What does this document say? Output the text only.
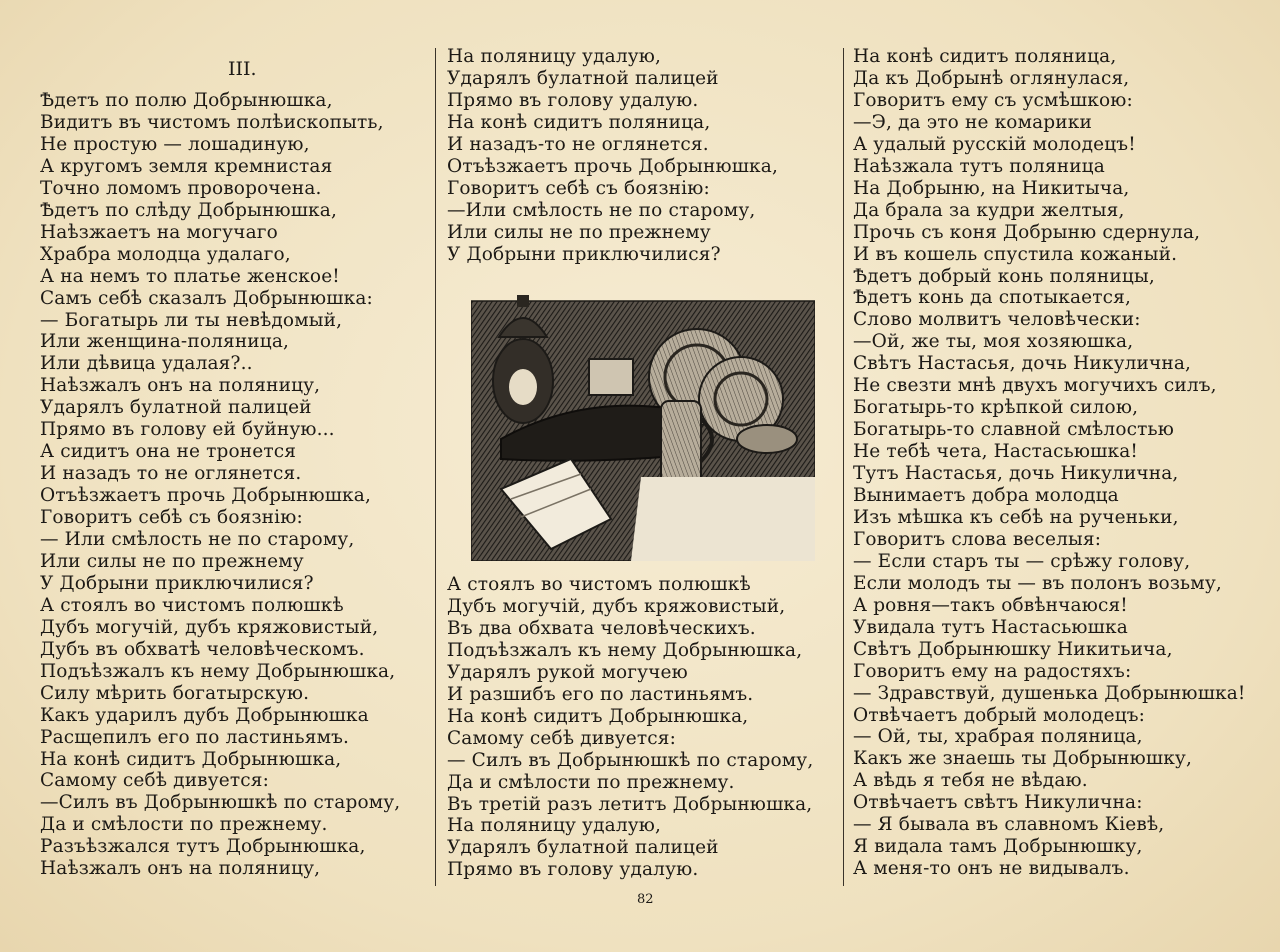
III.
Ѣдетъ по полю Добрынюшка,
Видитъ въ чистомъ полѣископыть,
Не простую — лошадиную,
А кругомъ земля кремнистая
Точно ломомъ проворочена.
Ѣдетъ по слѣду Добрынюшка,
Наѣзжаетъ на могучаго
Храбра молодца удалаго,
А на немъ то платье женское!
Самъ себѣ сказалъ Добрынюшка:
— Богатырь ли ты невѣдомый,
Или женщина-поляница,
Или дѣвица удалая?..
Наѣзжалъ онъ на поляницу,
Ударялъ булатной палицей
Прямо въ голову ей буйную...
А сидитъ она не тронется
И назадъ то не оглянется.
Отъѣзжаетъ прочь Добрынюшка,
Говоритъ себѣ съ боязнію:
— Или смѣлость не по старому,
Или силы не по прежнему
У Добрыни приключилися?
А стоялъ во чистомъ полюшкѣ
Дубъ могучій, дубъ кряжовистый,
Дубъ въ обхватѣ человѣческомъ.
Подъѣзжалъ къ нему Добрынюшка,
Силу мѣрить богатырскую.
Какъ ударилъ дубъ Добрынюшка
Расщепилъ его по ластиньямъ.
На конѣ сидитъ Добрынюшка,
Самому себѣ дивуется:
—Силъ въ Добрынюшкѣ по старому,
Да и смѣлости по прежнему.
Разъѣзжался тутъ Добрынюшка,
Наѣзжалъ онъ на поляницу,
На поляницу удалую,
Ударялъ булатной палицей
Прямо въ голову удалую.
На конѣ сидитъ поляница,
И назадъ-то не оглянется.
Отъѣзжаетъ прочь Добрынюшка,
Говоритъ себѣ съ боязнію:
—Или смѣлость не по старому,
Или силы не по прежнему
У Добрыни приключилися?
А стоялъ во чистомъ полюшкѣ
Дубъ могучій, дубъ кряжовистый,
Въ два обхвата человѣческихъ.
Подъѣзжалъ къ нему Добрынюшка,
Ударялъ рукой могучею
И разшибъ его по ластиньямъ.
На конѣ сидитъ Добрынюшка,
Самому себѣ дивуется:
— Силъ въ Добрынюшкѣ по старому,
Да и смѣлости по прежнему.
Въ третій разъ летитъ Добрынюшка,
На поляницу удалую,
Ударялъ булатной палицей
Прямо въ голову удалую.
На конѣ сидитъ поляница,
Да къ Добрынѣ оглянулася,
Говоритъ ему съ усмѣшкою:
—Э, да это не комарики
А удалый русскій молодецъ!
Наѣзжала тутъ поляница
На Добрыню, на Никитыча,
Да брала за кудри желтыя,
Прочь съ коня Добрыню сдернула,
И въ кошель спустила кожаный.
Ѣдетъ добрый конь поляницы,
Ѣдетъ конь да спотыкается,
Слово молвитъ человѣчески:
—Ой, же ты, моя хозяюшка,
Свѣтъ Настасья, дочь Никулична,
Не свезти мнѣ двухъ могучихъ силъ,
Богатырь-то крѣпкой силою,
Богатырь-то славной смѣлостью
Не тебѣ чета, Настасьюшка!
Тутъ Настасья, дочь Никулична,
Вынимаетъ добра молодца
Изъ мѣшка къ себѣ на рученьки,
Говоритъ слова веселыя:
— Если старъ ты — срѣжу голову,
Если молодъ ты — въ полонъ возьму,
А ровня—такъ обвѣнчаюся!
Увидала тутъ Настасьюшка
Свѣтъ Добрынюшку Никитьича,
Говоритъ ему на радостяхъ:
— Здравствуй, душенька Добрынюшка!
Отвѣчаетъ добрый молодецъ:
— Ой, ты, храбрая поляница,
Какъ же знаешь ты Добрынюшку,
А вѣдь я тебя не вѣдаю.
Отвѣчаетъ свѣтъ Никулична:
— Я бывала въ славномъ Кіевѣ,
Я видала тамъ Добрынюшку,
А меня-то онъ не видывалъ.
82
